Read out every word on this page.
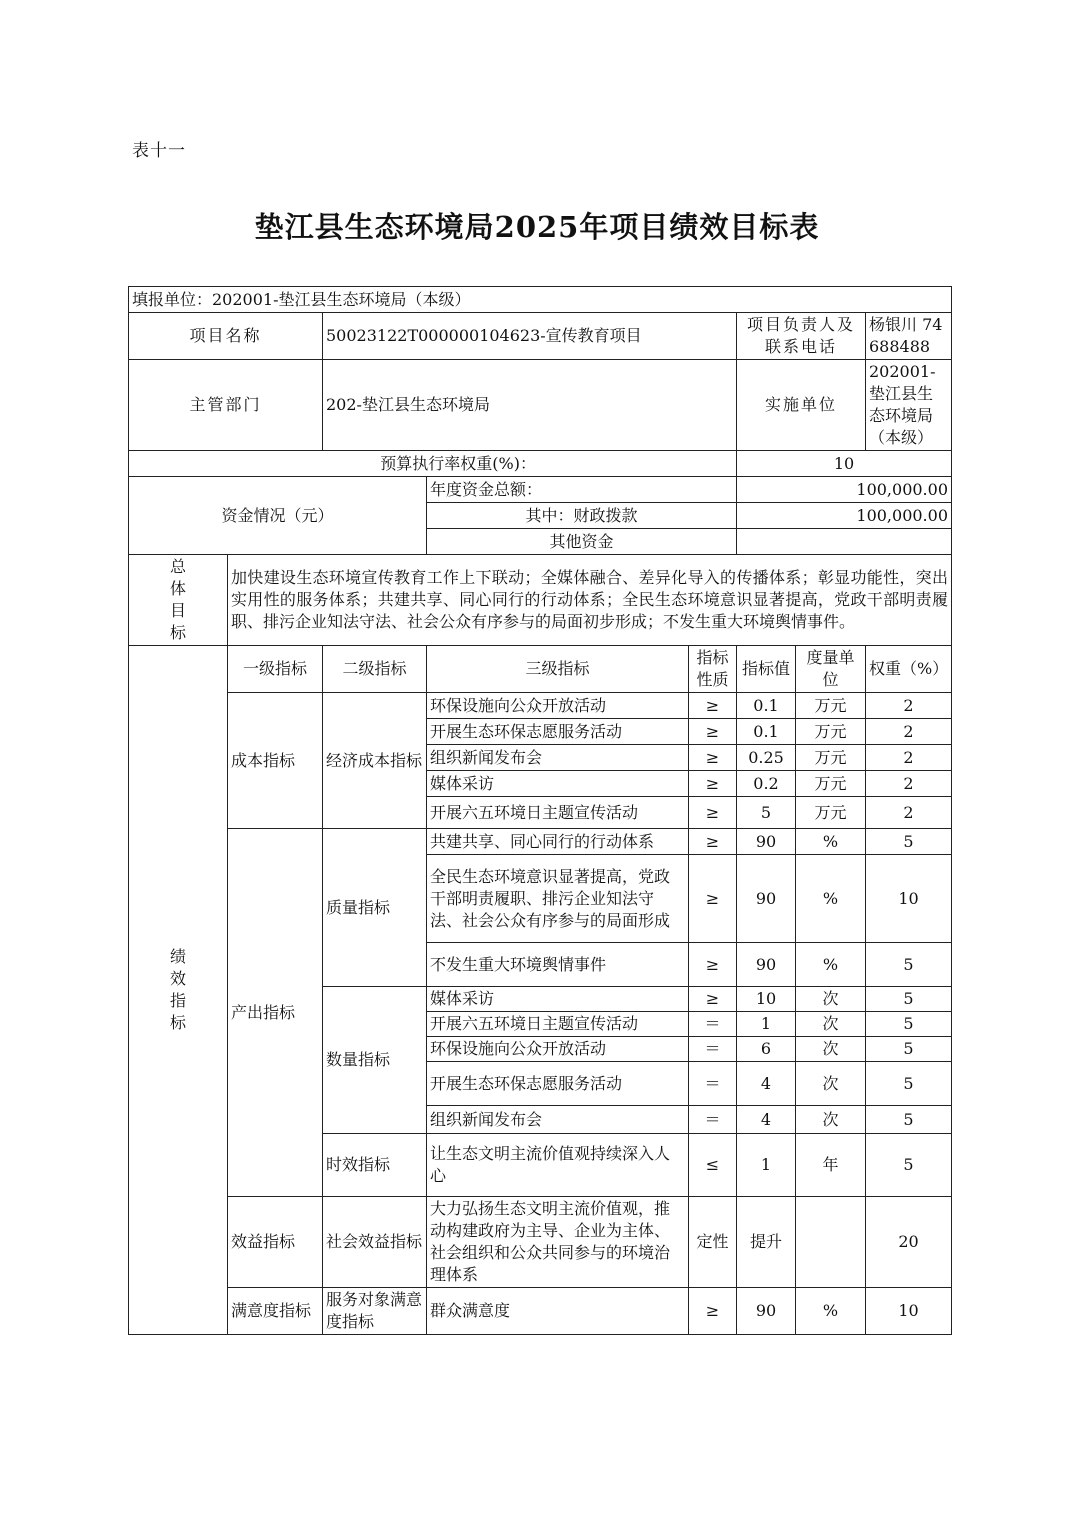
表十一
垫江县生态环境局2025年项目绩效目标表
填报单位：202001-垫江县生态环境局（本级）							
项目名称		50023122T000000104623-宣传教育项目			项目负责人及联系电话		杨银川 74688488
主管部门		202-垫江县生态环境局			实施单位		202001-垫江县生态环境局（本级）
预算执行率权重(%)：					10		
资金情况（元）			年度资金总额：		100,000.00		
			其中：财政拨款		100,000.00		
			其他资金				

总
体
目
标	加快建设生态环境宣传教育工作上下联动；全媒体融合、差异化导入的传播体系；彰显功能性，突出实用性的服务体系；共建共享、同心同行的行动体系；全民生态环境意识显著提高，党政干部明责履职、排污企业知法守法、社会公众有序参与的局面初步形成；不发生重大环境舆情事件。						

绩
效
指
标	一级指标	二级指标	三级指标	指标性质	指标值	度量单位	权重（%）
	成本指标	经济成本指标	环保设施向公众开放活动	≥	0.1	万元	2
			开展生态环保志愿服务活动	≥	0.1	万元	2
			组织新闻发布会	≥	0.25	万元	2
			媒体采访	≥	0.2	万元	2
			开展六五环境日主题宣传活动	≥	5	万元	2
	产出指标	质量指标	共建共享、同心同行的行动体系	≥	90	%	5
			全民生态环境意识显著提高，党政干部明责履职、排污企业知法守法、社会公众有序参与的局面形成	≥	90	%	10
			不发生重大环境舆情事件	≥	90	%	5
		数量指标	媒体采访	≥	10	次	5
			开展六五环境日主题宣传活动	＝	1	次	5
			环保设施向公众开放活动	＝	6	次	5
			开展生态环保志愿服务活动	＝	4	次	5
			组织新闻发布会	＝	4	次	5
		时效指标	让生态文明主流价值观持续深入人心	≤	1	年	5
	效益指标	社会效益指标	大力弘扬生态文明主流价值观，推动构建政府为主导、企业为主体、社会组织和公众共同参与的环境治理体系	定性	提升		20
	满意度指标	服务对象满意度指标	群众满意度	≥	90	%	10
